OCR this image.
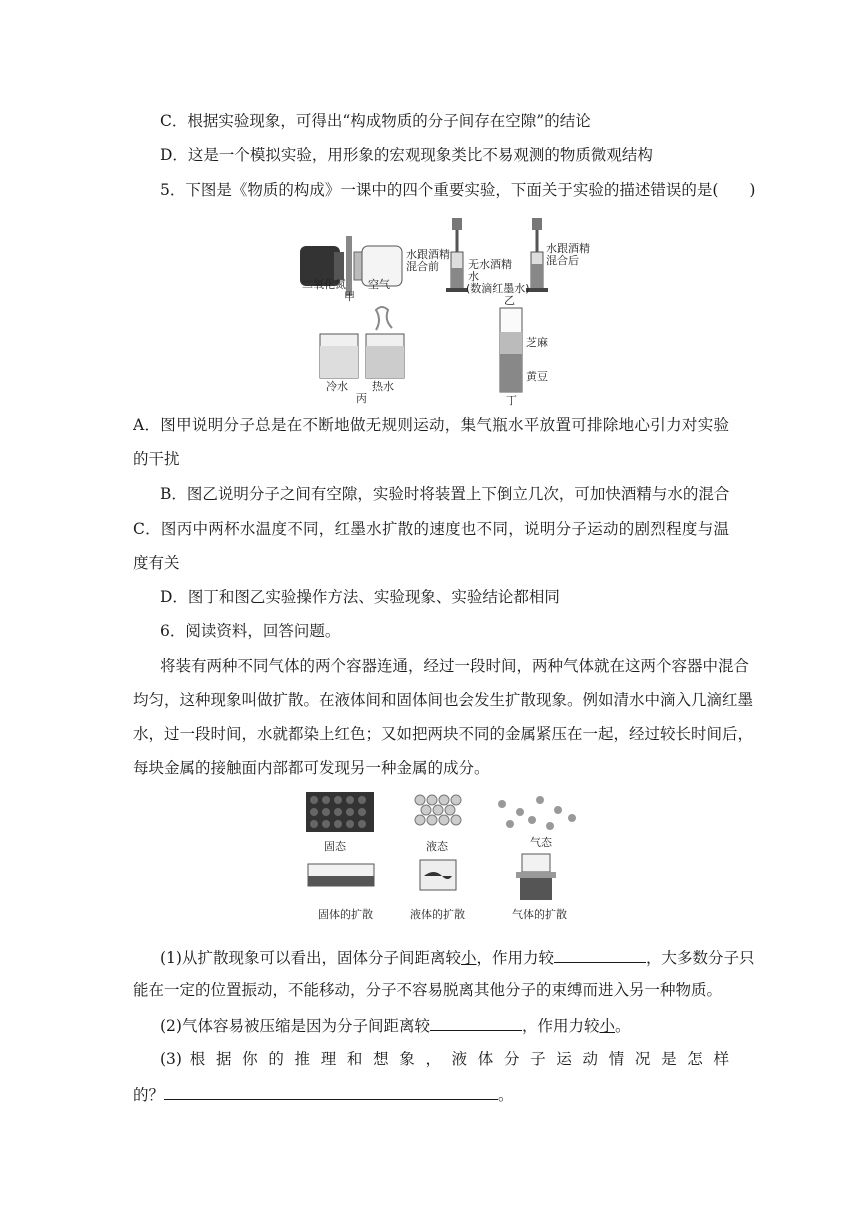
C．根据实验现象，可得出“构成物质的分子间存在空隙”的结论
D．这是一个模拟实验，用形象的宏观现象类比不易观测的物质微观结构
5．下图是《物质的构成》一课中的四个重要实验，下面关于实验的描述错误的是(　　)
二氧化氮 空气
甲
水跟酒精
混合前	无水酒精
水
(数滴红墨水)
水跟酒精
混合后
乙
冷水 热水
丙
芝麻
黄豆
丁
A．图甲说明分子总是在不断地做无规则运动，集气瓶水平放置可排除地心引力对实验
的干扰
B．图乙说明分子之间有空隙，实验时将装置上下倒立几次，可加快酒精与水的混合
C．图丙中两杯水温度不同，红墨水扩散的速度也不同，说明分子运动的剧烈程度与温
度有关
D．图丁和图乙实验操作方法、实验现象、实验结论都相同
6．阅读资料，回答问题。
将装有两种不同气体的两个容器连通，经过一段时间，两种气体就在这两个容器中混合
均匀，这种现象叫做扩散。在液体间和固体间也会发生扩散现象。例如清水中滴入几滴红墨
水，过一段时间，水就都染上红色；又如把两块不同的金属紧压在一起，经过较长时间后，
每块金属的接触面内部都可发现另一种金属的成分。
固态	液态	气态
固体的扩散	液体的扩散	气体的扩散
(1)从扩散现象可以看出，固体分子间距离较小，作用力较	，大多数分子只
能在一定的位置振动，不能移动，分子不容易脱离其他分子的束缚而进入另一种物质。
(2)气体容易被压缩是因为分子间距离较	，作用力较小。
(3) 根 据 你 的 推 理 和 想 象 ， 液 体 分 子 运 动 情 况 是 怎 样
的？	。
